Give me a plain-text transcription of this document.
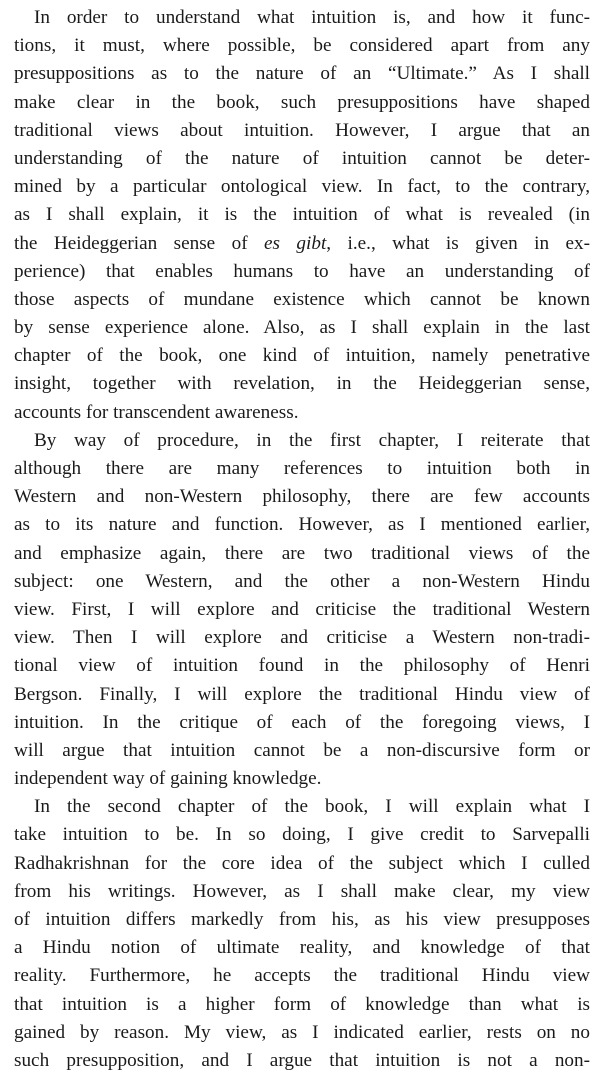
In order to understand what intuition is, and how it func-
tions, it must, where possible, be considered apart from any
presuppositions as to the nature of an “Ultimate.” As I shall
make clear in the book, such presuppositions have shaped
traditional views about intuition. However, I argue that an
understanding of the nature of intuition cannot be deter-
mined by a particular ontological view. In fact, to the contrary,
as I shall explain, it is the intuition of what is revealed (in
the Heideggerian sense of es gibt, i.e., what is given in ex-
perience) that enables humans to have an understanding of
those aspects of mundane existence which cannot be known
by sense experience alone. Also, as I shall explain in the last
chapter of the book, one kind of intuition, namely penetrative
insight, together with revelation, in the Heideggerian sense,
accounts for transcendent awareness.
By way of procedure, in the first chapter, I reiterate that
although there are many references to intuition both in
Western and non-Western philosophy, there are few accounts
as to its nature and function. However, as I mentioned earlier,
and emphasize again, there are two traditional views of the
subject: one Western, and the other a non-Western Hindu
view. First, I will explore and criticise the traditional Western
view. Then I will explore and criticise a Western non-tradi-
tional view of intuition found in the philosophy of Henri
Bergson. Finally, I will explore the traditional Hindu view of
intuition. In the critique of each of the foregoing views, I
will argue that intuition cannot be a non-discursive form or
independent way of gaining knowledge.
In the second chapter of the book, I will explain what I
take intuition to be. In so doing, I give credit to Sarvepalli
Radhakrishnan for the core idea of the subject which I culled
from his writings. However, as I shall make clear, my view
of intuition differs markedly from his, as his view presupposes
a Hindu notion of ultimate reality, and knowledge of that
reality. Furthermore, he accepts the traditional Hindu view
that intuition is a higher form of knowledge than what is
gained by reason. My view, as I indicated earlier, rests on no
such presupposition, and I argue that intuition is not a non-
